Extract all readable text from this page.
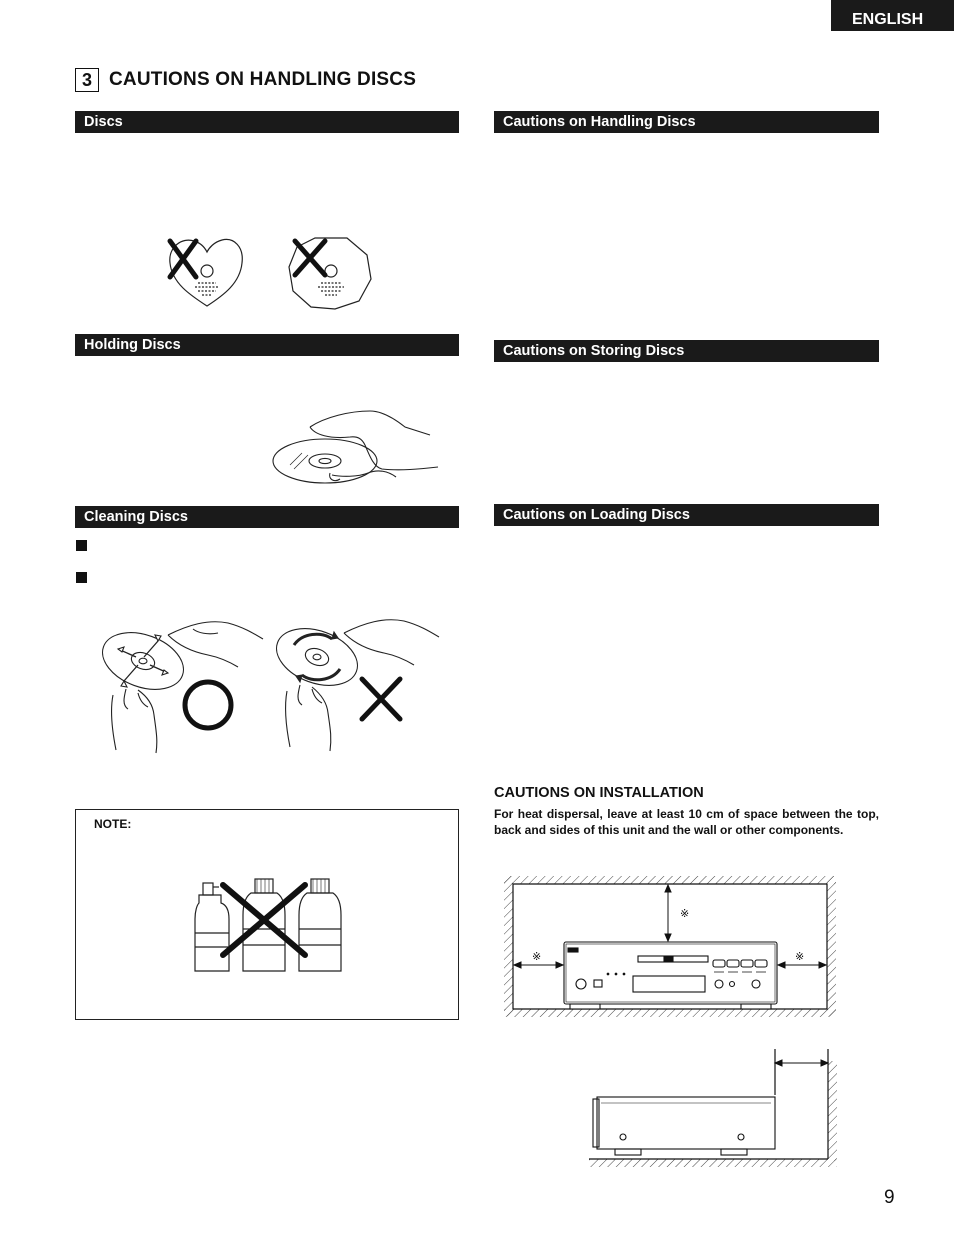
ENGLISH
3 CAUTIONS ON HANDLING DISCS
Discs
Holding Discs
Cleaning Discs
Cautions on Handling Discs
Cautions on Storing Discs
Cautions on Loading Discs
NOTE:
CAUTIONS ON INSTALLATION
For heat dispersal, leave at least 10 cm of space between the top, back and sides of this unit and the wall or other components.
※
※	※
9
